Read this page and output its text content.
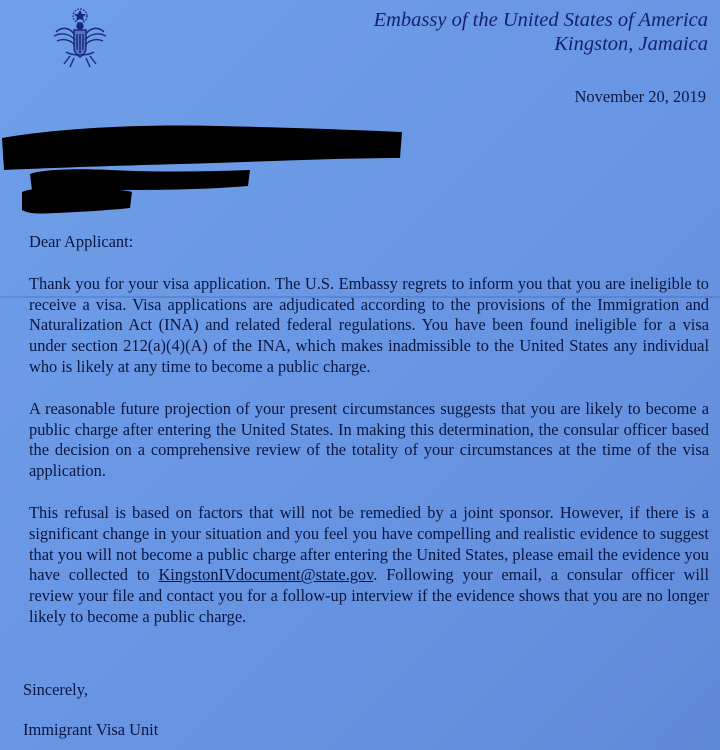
Embassy of the United States of America
Kingston, Jamaica
November 20, 2019
Dear Applicant:
Thank you for your visa application. The U.S. Embassy regrets to inform you that you are ineligible to receive a visa. Visa applications are adjudicated according to the provisions of the Immigration and Naturalization Act (INA) and related federal regulations. You have been found ineligible for a visa under section 212(a)(4)(A) of the INA, which makes inadmissible to the United States any individual who is likely at any time to become a public charge.
A reasonable future projection of your present circumstances suggests that you are likely to become a public charge after entering the United States. In making this determination, the consular officer based the decision on a comprehensive review of the totality of your circumstances at the time of the visa application.
This refusal is based on factors that will not be remedied by a joint sponsor. However, if there is a significant change in your situation and you feel you have compelling and realistic evidence to suggest that you will not become a public charge after entering the United States, please email the evidence you have collected to KingstonIVdocument@state.gov. Following your email, a consular officer will review your file and contact you for a follow-up interview if the evidence shows that you are no longer likely to become a public charge.
Sincerely,
Immigrant Visa Unit
